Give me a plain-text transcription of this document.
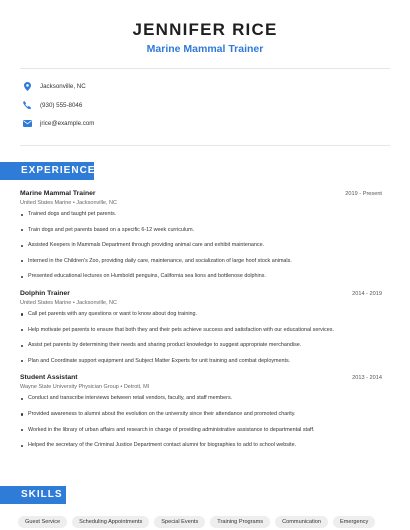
JENNIFER RICE
Marine Mammal Trainer
Jacksonville, NC
(930) 555-8046
jrice@example.com
EXPERIENCE
Marine Mammal Trainer	2019 - Present
United States Marine • Jacksonville, NC
Trained dogs and taught pet parents.
Train dogs and pet parents based on a specific 6-12 week curriculum.
Assisted Keepers in Mammals Department through providing animal care and exhibit maintenance.
Interned in the Children's Zoo, providing daily care, maintenance, and socialization of large hoof stock animals.
Presented educational lectures on Humboldt penguins, California sea lions and bottlenose dolphins.
Dolphin Trainer	2014 - 2019
United States Marine • Jacksonville, NC
Call pet parents with any questions or want to know about dog training.
Help motivate pet parents to ensure that both they and their pets achieve success and satisfaction with our educational services.
Assist pet parents by determining their needs and sharing product knowledge to suggest appropriate merchandise.
Plan and Coordinate support equipment and Subject Matter Experts for unit training and combat deployments.
Student Assistant	2013 - 2014
Wayne State University Physician Group • Detroit, MI
Conduct and transcribe interviews between retail vendors, faculty, and staff members.
Provided awareness to alumni about the evolution on the university since their attendance and promoted charity.
Worked in the library of urban affairs and research in charge of providing administrative assistance to departmental staff.
Helped the secretary of the Criminal Justice Department contact alumni for biographies to add to school website.
SKILLS
Guest Service	Scheduling Appointments	Special Events	Training Programs	Communication	Emergency
